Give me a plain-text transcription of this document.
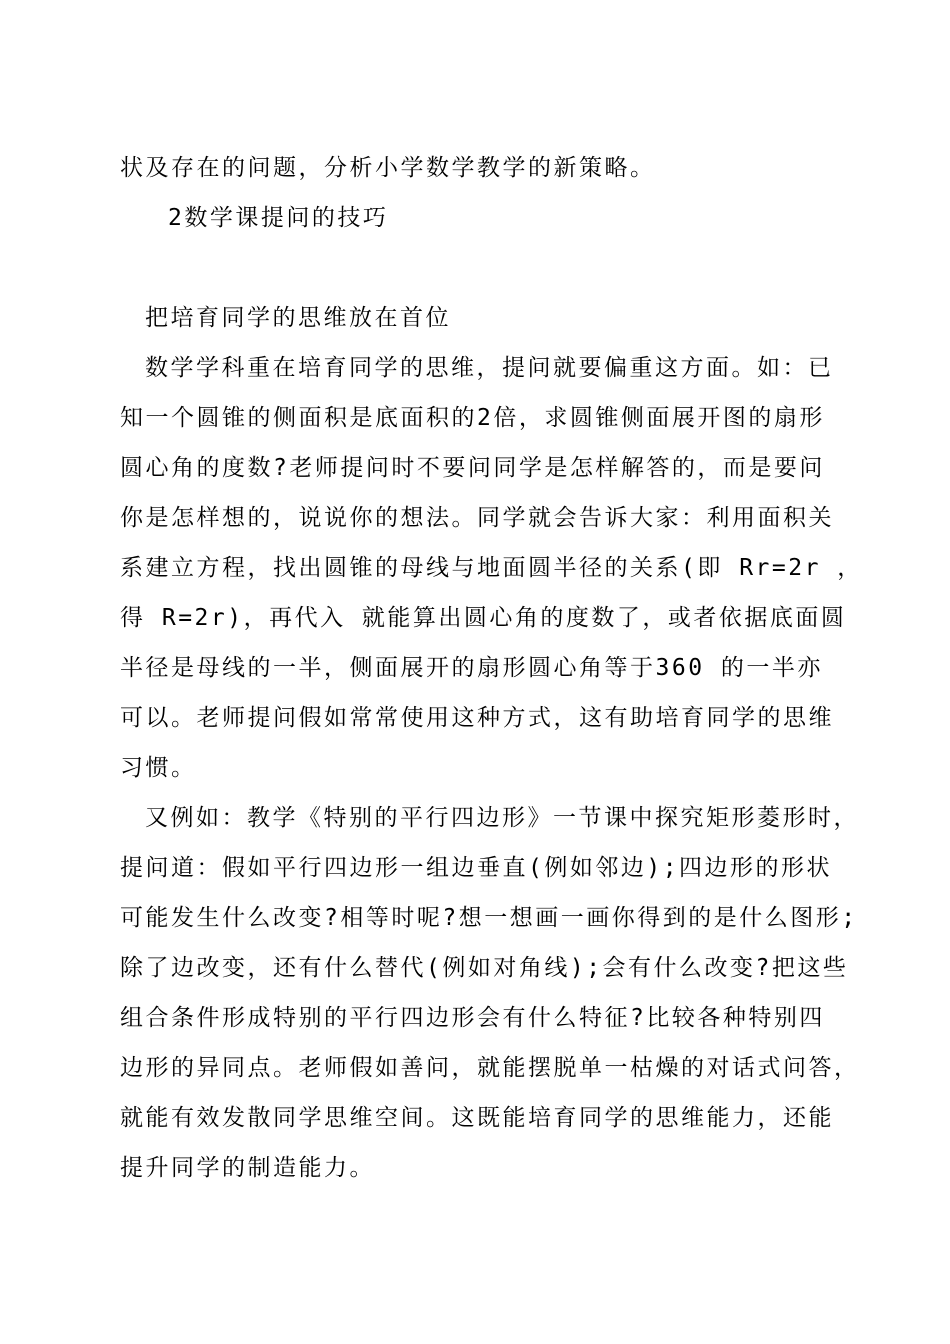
状及存在的问题，分析小学数学教学的新策略。
2数学课提问的技巧
把培育同学的思维放在首位
数学学科重在培育同学的思维，提问就要偏重这方面。如：已
知一个圆锥的侧面积是底面积的2倍，求圆锥侧面展开图的扇形
圆心角的度数?老师提问时不要问同学是怎样解答的，而是要问
你是怎样想的，说说你的想法。同学就会告诉大家：利用面积关
系建立方程，找出圆锥的母线与地面圆半径的关系(即 Rr=2r ，
得 R=2r)，再代入 就能算出圆心角的度数了，或者依据底面圆
半径是母线的一半，侧面展开的扇形圆心角等于360 的一半亦
可以。老师提问假如常常使用这种方式，这有助培育同学的思维
习惯。
又例如：教学《特别的平行四边形》一节课中探究矩形菱形时，
提问道：假如平行四边形一组边垂直(例如邻边);四边形的形状
可能发生什么改变?相等时呢?想一想画一画你得到的是什么图形;
除了边改变，还有什么替代(例如对角线);会有什么改变?把这些
组合条件形成特别的平行四边形会有什么特征?比较各种特别四
边形的异同点。老师假如善问，就能摆脱单一枯燥的对话式问答，
就能有效发散同学思维空间。这既能培育同学的思维能力，还能
提升同学的制造能力。
